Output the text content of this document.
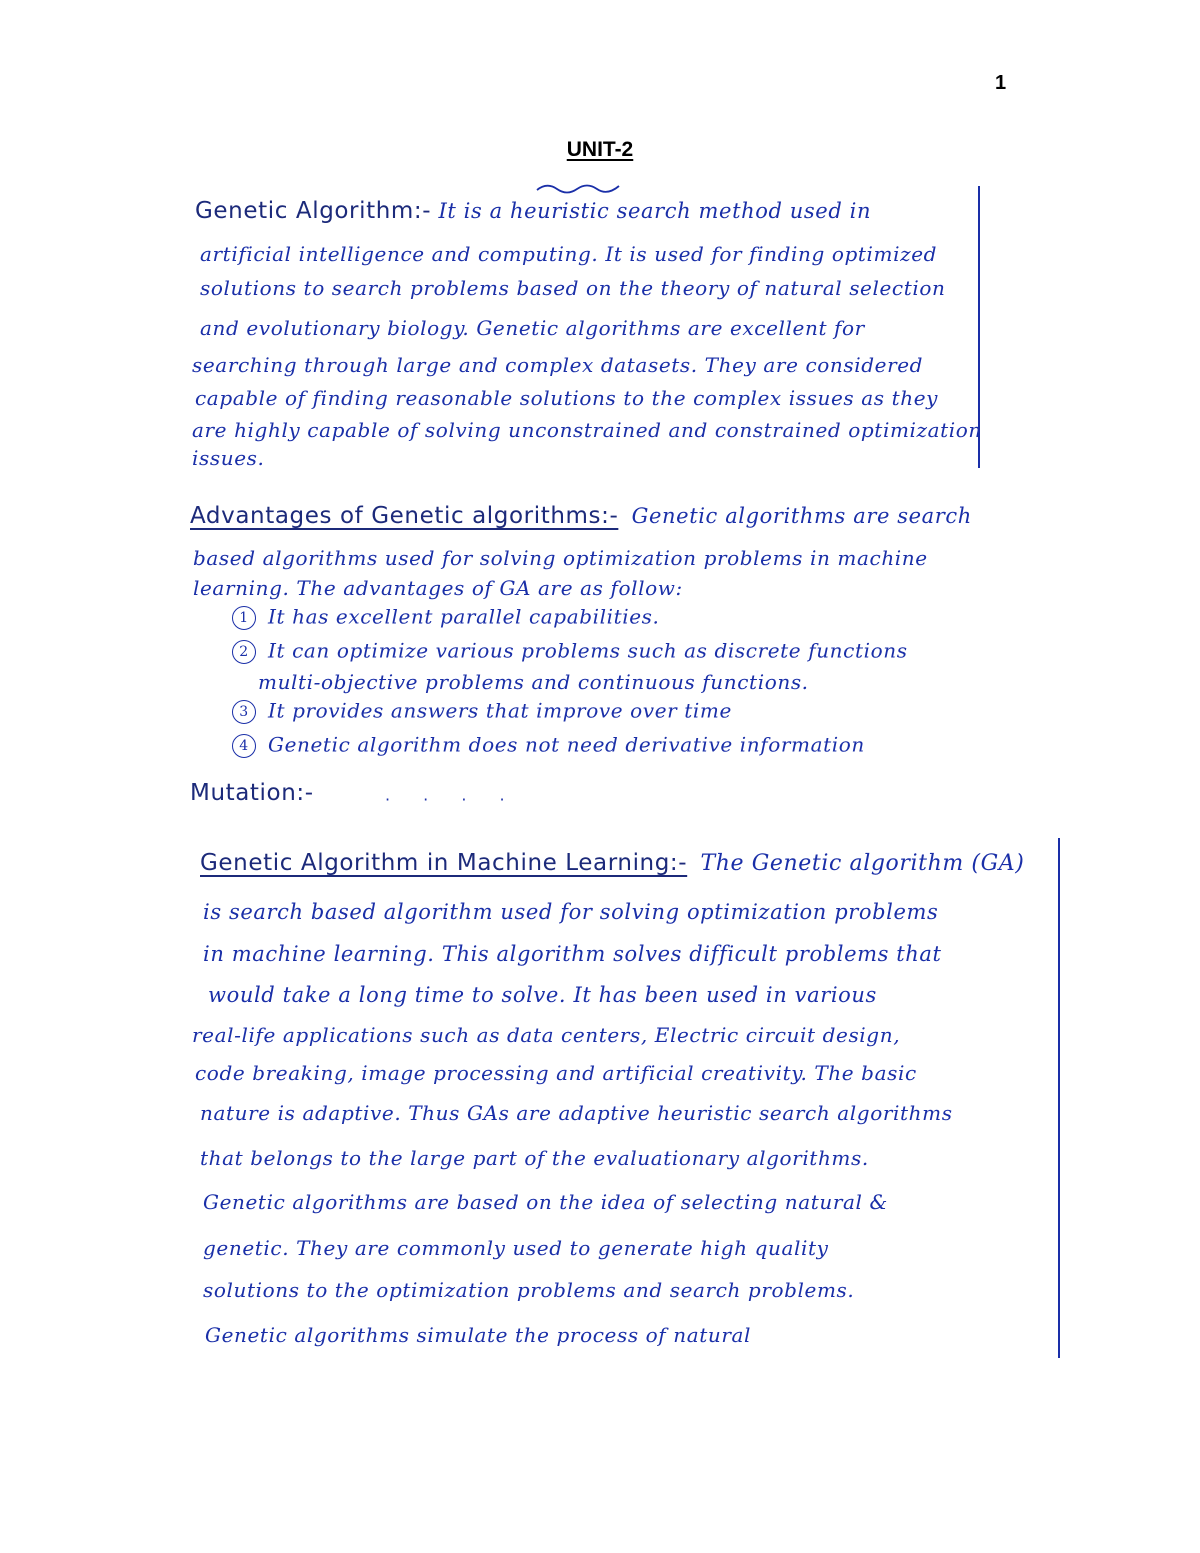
1
UNIT-2
Genetic Algorithm:- It is a heuristic search method used in
artificial intelligence and computing. It is used for finding optimized
solutions to search problems based on the theory of natural selection
and evolutionary biology. Genetic algorithms are excellent for
searching through large and complex datasets. They are considered
capable of finding reasonable solutions to the complex issues as they
are highly capable of solving unconstrained and constrained optimization
issues.
Advantages of Genetic algorithms:- Genetic algorithms are search
based algorithms used for solving optimization problems in machine
learning. The advantages of GA are as follow:
1 It has excellent parallel capabilities.
2 It can optimize various problems such as discrete functions
multi-objective problems and continuous functions.
3 It provides answers that improve over time
4 Genetic algorithm does not need derivative information
Mutation:-	· · · ·
Genetic Algorithm in Machine Learning:- The Genetic algorithm (GA)
is search based algorithm used for solving optimization problems
in machine learning. This algorithm solves difficult problems that
would take a long time to solve. It has been used in various
real-life applications such as data centers, Electric circuit design,
code breaking, image processing and artificial creativity. The basic
nature is adaptive. Thus GAs are adaptive heuristic search algorithms
that belongs to the large part of the evaluationary algorithms.
Genetic algorithms are based on the idea of selecting natural &
genetic. They are commonly used to generate high quality
solutions to the optimization problems and search problems.
Genetic algorithms simulate the process of natural
